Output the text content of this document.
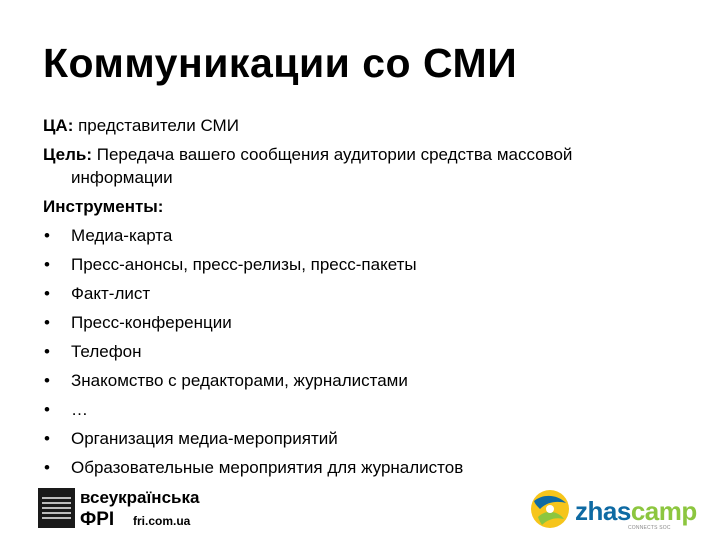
Коммуникации со СМИ
ЦА: представители СМИ
Цель: Передача вашего сообщения аудитории средства массовой
информации
Инструменты:
• Медиа-карта
• Пресс-анонсы, пресс-релизы, пресс-пакеты
• Факт-лист
• Пресс-конференции
• Телефон
• Знакомство с редакторами, журналистами
• …
• Организация медиа-мероприятий
• Образовательные мероприятия для журналистов
всеукраїнська
ФРІ fri.com.ua	zhascamp
CONNECTS SOC
